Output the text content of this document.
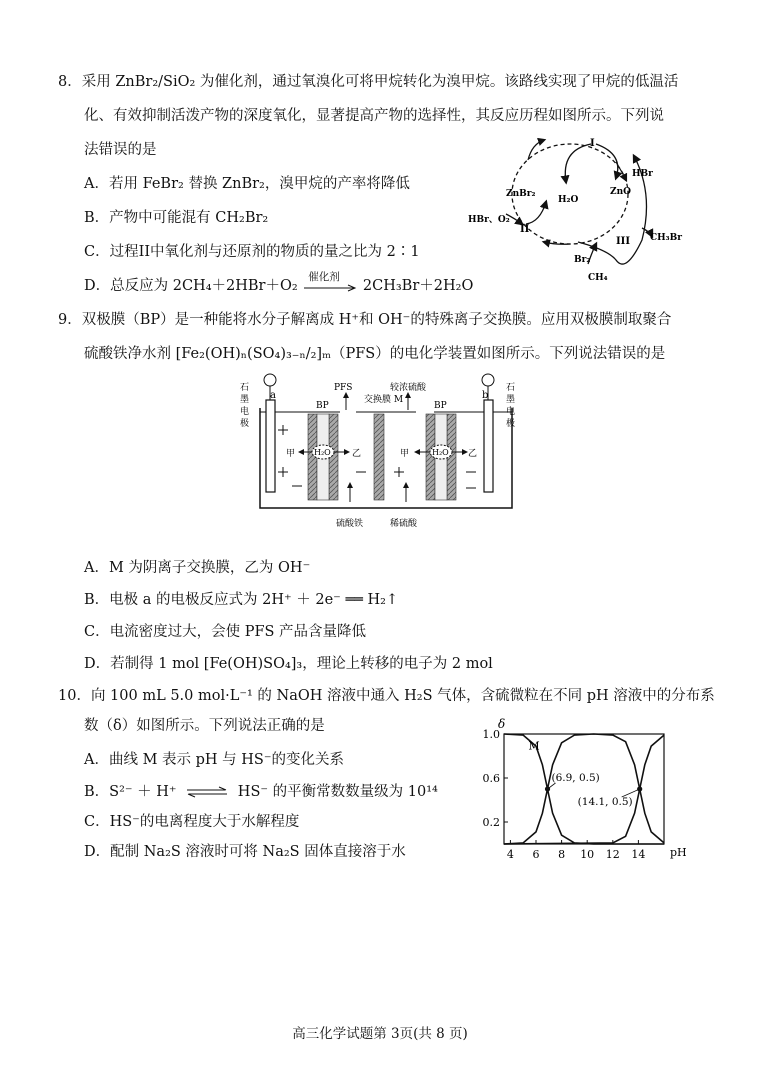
8．采用 ZnBr₂/SiO₂ 为催化剂，通过氧溴化可将甲烷转化为溴甲烷。该路线实现了甲烷的低温活
化、有效抑制活泼产物的深度氧化，显著提高产物的选择性，其反应历程如图所示。下列说
法错误的是
A．若用 FeBr₂ 替换 ZnBr₂，溴甲烷的产率将降低
B．产物中可能混有 CH₂Br₂
C．过程II中氧化剂与还原剂的物质的量之比为 2∶1
D．总反应为 2CH₄＋2HBr＋O₂
催化剂
2CH₃Br＋2H₂O
I
II
III
ZnBr₂
H₂O
ZnO
HBr
HBr、O₂
CH₃Br
Br₂
CH₄
9．双极膜（BP）是一种能将水分子解离成 H⁺和 OH⁻的特殊离子交换膜。应用双极膜制取聚合
硫酸铁净水剂 [Fe₂(OH)ₙ(SO₄)₃₋ₙ/₂]ₘ（PFS）的电化学装置如图所示。下列说法错误的是
石
墨
电
极
石
墨
电
极
a	b
BP	BP
PFS
交换膜 M
较浓硫酸
H₂O
甲	乙	H₂O
甲	乙
硫酸铁	稀硫酸
A．M 为阴离子交换膜，乙为 OH⁻
B．电极 a 的电极反应式为 2H⁺ ＋ 2e⁻ ══ H₂↑
C．电流密度过大，会使 PFS 产品含量降低
D．若制得 1 mol [Fe(OH)SO₄]₃，理论上转移的电子为 2 mol
10．向 100 mL 5.0 mol·L⁻¹ 的 NaOH 溶液中通入 H₂S 气体，含硫微粒在不同 pH 溶液中的分布系
数（δ）如图所示。下列说法正确的是
A．曲线 M 表示 pH 与 HS⁻的变化关系
B．S²⁻ ＋ H⁺ ⇌ HS⁻ 的平衡常数数量级为 10¹⁴
C．HS⁻的电离程度大于水解程度
D．配制 Na₂S 溶液时可将 Na₂S 固体直接溶于水	4 6 8 10 12 14
1.0
0.6
0.2
δ
pH
M
(6.9, 0.5)
(14.1, 0.5)
高三化学试题第 3页(共 8 页)
